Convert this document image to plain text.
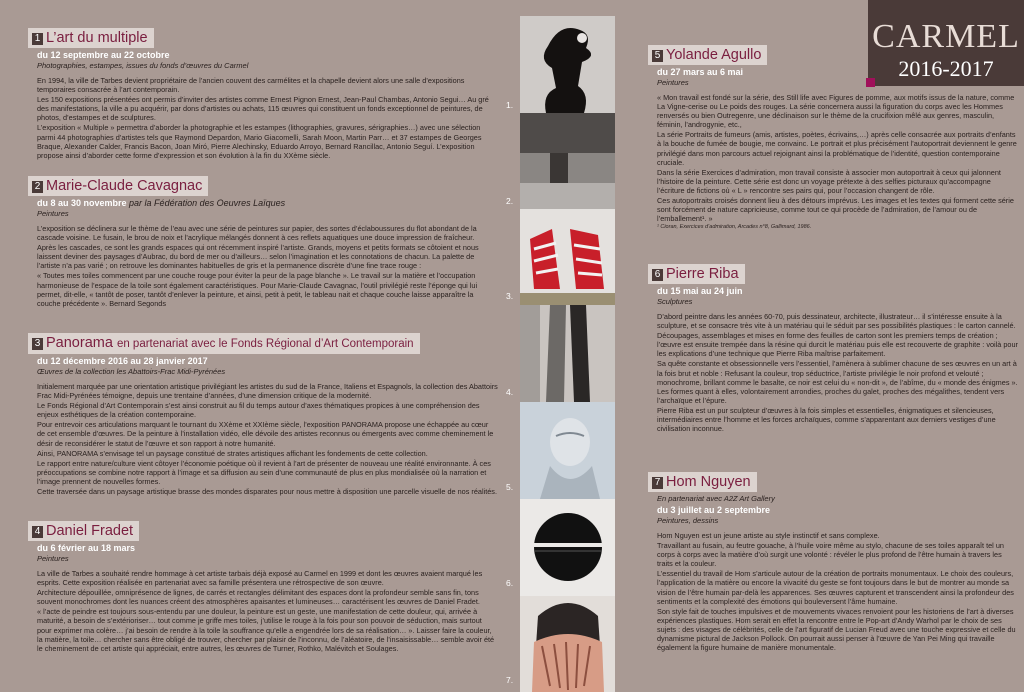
CARMEL
2016-2017
1 L’art du multiple
du 12 septembre au 22 octobre
Photographies, estampes, issues du fonds d’œuvres du Carmel

En 1994, la ville de Tarbes devient propriétaire de l’ancien couvent des carmélites et la chapelle devient alors une salle d’expositions temporaires consacrée à l’art contemporain.

Les 150 expositions présentées ont permis d’inviter des artistes comme Ernest Pignon Ernest, Jean-Paul Chambas, Antonio Segui… Au gré des manifestations, la ville a pu acquérir, par dons d’artistes ou achats, 115 œuvres qui constituent un fonds exceptionnel de peintures, de photos, d’estampes et de sculptures.

L’exposition « Multiple » permettra d’aborder la photographie et les estampes (lithographies, gravures, sérigraphies…) avec une sélection parmi 44 photographies d’artistes tels que Raymond Depardon, Mario Giacomelli, Sarah Moon, Martin Parr… et 37 estampes de Georges Braque, Alexander Calder, Francis Bacon, Joan Miró, Pierre Alechinsky, Eduardo Arroyo, Bernard Rancillac, Antonio Seguí. L’exposition propose ainsi d’aborder cette forme d’expression et son évolution à la fin du XXème siècle.

2 Marie-Claude Cavagnac
du 8 au 30 novembre par la Fédération des Oeuvres Laïques
Peintures

L’exposition se déclinera sur le thème de l’eau avec une série de peintures sur papier, des sortes d’éclaboussures du flot abondant de la cascade voisine. Le fusain, le brou de noix et l’acrylique mélangés donnent à ces reflets aquatiques une douce impression de fraîcheur.

Après les cascades, ce sont les grands espaces qui ont récemment inspiré l’artiste. Grands, moyens et petits formats se côtoient et nous laissent deviner des paysages d’Aubrac, du bord de mer ou d’ailleurs… selon l’imagination et les connotations de chacun. La palette de l’artiste n’a pas varié ; on retrouve les dominantes habituelles de gris et la permanence discrète d’une fine trace rouge :

« Toutes mes toiles commencent par une couche rouge pour éviter la peur de la page blanche ». Le travail sur la matière et l’occupation harmonieuse de l’espace de la toile sont également caractéristiques. Pour Marie-Claude Cavagnac, l’outil privilégié reste l’éponge qui lui permet, dit-elle, « tantôt de poser, tantôt d’enlever la peinture, et ainsi, petit à petit, le tableau nait et chaque couche laisse apparaître la couche précédente ». Bernard Segonds

3 Panorama en partenariat avec le Fonds Régional d’Art Contemporain
du 12 décembre 2016 au 28 janvier 2017
Œuvres de la collection les Abattoirs-Frac Midi-Pyrénées

Initialement marquée par une orientation artistique privilégiant les artistes du sud de la France, Italiens et Espagnols, la collection des Abattoirs Frac Midi-Pyrénées témoigne, depuis une trentaine d’années, d’une dimension critique de la modernité.

Le Fonds Régional d’Art Contemporain s’est ainsi construit au fil du temps autour d’axes thématiques propices à une compréhension des enjeux esthétiques de la création contemporaine.

Pour entrevoir ces articulations marquant le tournant du XXème et XXIème siècle, l’exposition PANORAMA propose une échappée au cœur de cet ensemble d’œuvres. De la peinture à l’installation vidéo, elle dévoile des artistes reconnus ou émergents avec comme cheminement le désir de reconsidérer le statut de l’œuvre et son rapport à notre humanité.

Ainsi, PANORAMA s’envisage tel un paysage constitué de strates artistiques affichant les fondements de cette collection.

Le rapport entre nature/culture vient côtoyer l’économie poétique où il revient à l’art de présenter de nouveau une réalité environnante. À ces préoccupations se combine notre rapport à l’image et sa diffusion au sein d’une communauté de plus en plus mondialisée où la narration et l’image prennent de nouvelles formes.

Cette traversée dans un paysage artistique brasse des mondes disparates pour nous mettre à disposition une parcelle visuelle de nos réalités.

4 Daniel Fradet
du 6 février au 18 mars
Peintures

La ville de Tarbes a souhaité rendre hommage à cet artiste tarbais déjà exposé au Carmel en 1999 et dont les œuvres avaient marqué les esprits. Cette exposition réalisée en partenariat avec sa famille présentera une rétrospective de son œuvre.

Architecture dépouillée, omniprésence de lignes, de carrés et rectangles délimitant des espaces dont la profondeur semble sans fin, tons souvent monochromes dont les nuances créent des atmosphères apaisantes et lumineuses… caractérisent les œuvres de Daniel Fradet.

« l’acte de peindre est toujours sous-entendu par une douleur, la peinture est un geste, une manifestation de cette douleur, qui, arrivée à maturité, a besoin de s’extérioriser… tout comme je griffe mes toiles, j’utilise le rouge à la fois pour son pouvoir de séduction, mais surtout pour exprimer ma colère… j’ai besoin de rendre à la toile la souffrance qu’elle a engendrée lors de sa réalisation… ». Laisser faire la couleur, la matière, la toile… chercher sans être obligé de trouver, chercher par plaisir de l’inconnu, de l’aléatoire, de l’insaisissable… semble avoir été le cheminement de cet artiste qui appréciait, entre autres, les œuvres de Turner, Rothko, Malévitch et Soulages.

5 Yolande Agullo
du 27 mars au 6 mai
Peintures

« Mon travail est fondé sur la série, des Still life avec Figures de pomme, aux motifs issus de la nature, comme La Vigne-cerise ou Le poids des rouges. La série concernera aussi la figuration du corps avec les Hommes renversés ou bien Outregenre, une déclinaison sur le thème de la crucifixion mêlé aux genres, masculin, féminin, l’androgynie, etc.,

La série Portraits de fumeurs (amis, artistes, poètes, écrivains,…) après celle consacrée aux portraits d’enfants à la bouche de fumée de bougie, me convainc. Le portrait et plus précisément l’autoportrait deviennent le genre privilégié dans mon parcours actuel rejoignant ainsi la problématique de l’identité, question contemporaine cruciale.

Dans la série Exercices d’admiration, mon travail consiste à associer mon autoportrait à ceux qui jalonnent l’histoire de la peinture. Cette série est donc un voyage prétexte à des selfies picturaux qu’accompagne l’écriture de fictions où « L » rencontre ses pairs qui, pour l’occasion changent de rôle.

Ces autoportraits croisés donnent lieu à des détours imprévus. Les images et les textes qui forment cette série sont forcément de nature capricieuse, comme tout ce qui procède de l’admiration, de l’amour ou de l’emballement¹. »

¹ Cioran, Exercices d’admiration, Arcades n°8, Gallimard, 1986.

6 Pierre Riba
du 15 mai au 24 juin
Sculptures

D’abord peintre dans les années 60-70, puis dessinateur, architecte, illustrateur… il s’intéresse ensuite à la sculpture, et se consacre très vite à un matériau qui le séduit par ses possibilités plastiques : le carton cannelé.

Découpages, assemblages et mises en forme des feuilles de carton sont les premiers temps de création ; l’œuvre est ensuite trempée dans la résine qui durcit le matériau puis elle est recouverte de graphite : voilà pour les explications d’une technique que Pierre Riba maîtrise parfaitement.

Sa quête constante et obsessionnelle vers l’essentiel, l’amènera à sublimer chacune de ses œuvres en un art à la fois brut et noble : Refusant la couleur, trop séductrice, l’artiste privilégie le noir profond et velouté ; monochrome, brillant comme le basalte, ce noir est celui du « non-dit », de l’abîme, du « monde des énigmes ». Les formes quant à elles, volontairement arrondies, proches du galet, proches des mégalithes, tendent vers l’archaïque et l’épure.

Pierre Riba est un pur sculpteur d’œuvres à la fois simples et essentielles, énigmatiques et silencieuses, intermédiaires entre l’homme et les forces archaïques, comme s’apparentant aux derniers vestiges d’une civilisation inconnue.

7 Hom Nguyen
En partenariat avec A2Z Art Gallery
du 3 juillet au 2 septembre
Peintures, dessins

Hom Nguyen est un jeune artiste au style instinctif et sans complexe.

Travaillant au fusain, au feutre gouache, à l’huile voire même au stylo, chacune de ses toiles apparaît tel un corps à corps avec la matière d’où surgit une volonté : révéler le plus profond de l’être humain à travers les traits et la couleur.

L’essentiel du travail de Hom s’articule autour de la création de portraits monumentaux. Le choix des couleurs, l’application de la matière ou encore la vivacité du geste se font toujours dans le but de montrer au monde sa vision de l’être humain par-delà les apparences. Ses œuvres capturent et transcendent ainsi la profondeur des sentiments et la complexité des émotions qui bouleversent l’âme humaine.

Son style fait de touches impulsives et de mouvements vivaces renvoient pour les historiens de l’art à diverses expériences plastiques. Hom serait en effet la rencontre entre le Pop-art d’Andy Warhol par le choix de ses sujets : des visages de célébrités, celle de l’art figuratif de Lucian Freud avec une touche expressive et celle du dynamisme pictural de Jackson Pollock. On pourrait aussi penser à l’œuvre de Yan Pei Ming qui travaille également la figure humaine de manière monumentale.

1.
2.
3.
4.
5.
6.
7.
